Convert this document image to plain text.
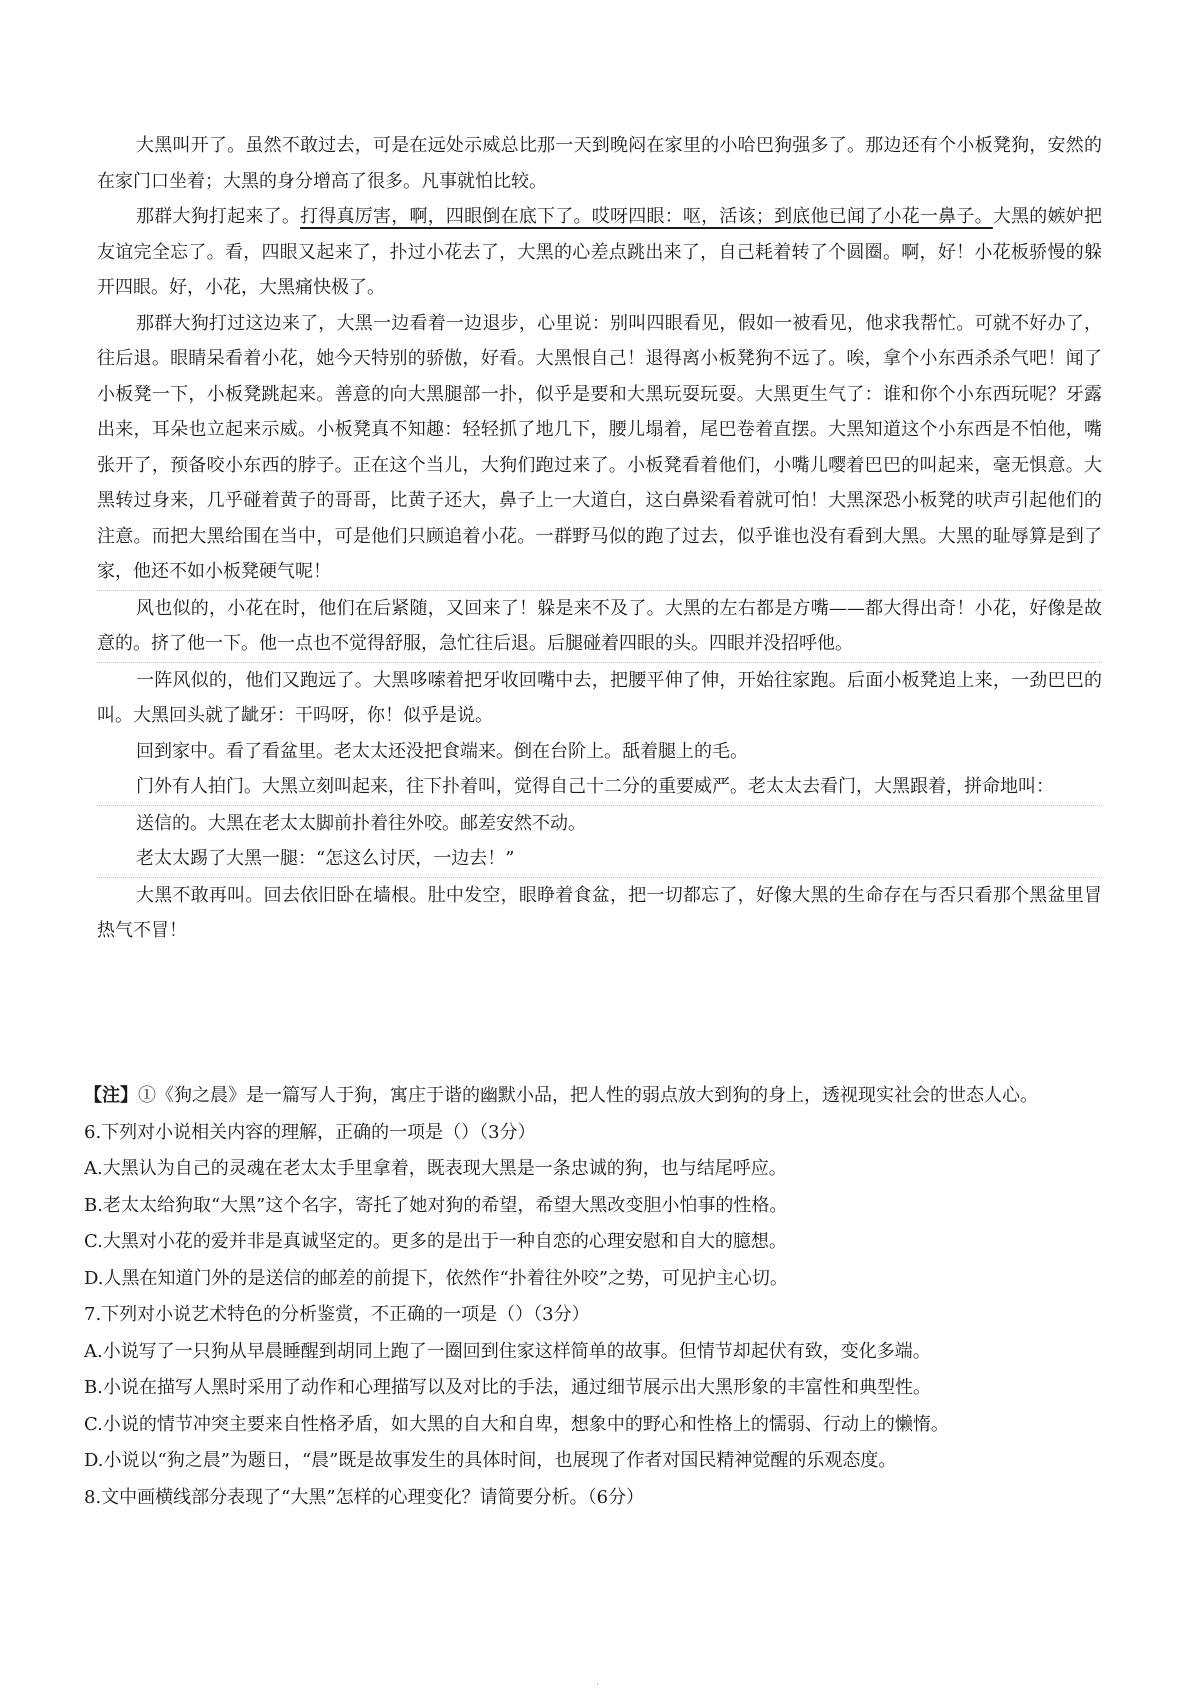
大黑叫开了。虽然不敢过去，可是在远处示威总比那一天到晚闷在家里的小哈巴狗强多了。那边还有个小板凳狗，安然的在家门口坐着；大黑的身分增高了很多。凡事就怕比较。

那群大狗打起来了。打得真厉害，啊，四眼倒在底下了。哎呀四眼：呕，活该；到底他已闻了小花一鼻子。大黑的嫉妒把友谊完全忘了。看，四眼又起来了，扑过小花去了，大黑的心差点跳出来了，自己耗着转了个圆圈。啊，好！小花板骄慢的躲开四眼。好，小花，大黑痛快极了。

那群大狗打过这边来了，大黑一边看着一边退步，心里说：别叫四眼看见，假如一被看见，他求我帮忙。可就不好办了，往后退。眼睛呆看着小花，她今天特别的骄傲，好看。大黑恨自己！退得离小板凳狗不远了。唉，拿个小东西杀杀气吧！闻了小板凳一下，小板凳跳起来。善意的向大黑腿部一扑，似乎是要和大黑玩耍玩耍。大黑更生气了：谁和你个小东西玩呢？牙露出来，耳朵也立起来示威。小板凳真不知趣：轻轻抓了地几下，腰儿塌着，尾巴卷着直摆。大黑知道这个小东西是不怕他，嘴张开了，预备咬小东西的脖子。正在这个当儿，大狗们跑过来了。小板凳看着他们，小嘴儿嘤着巴巴的叫起来，毫无惧意。大黑转过身来，几乎碰着黄子的哥哥，比黄子还大，鼻子上一大道白，这白鼻梁看着就可怕！大黑深恐小板凳的吠声引起他们的注意。而把大黑给围在当中，可是他们只顾追着小花。一群野马似的跑了过去，似乎谁也没有看到大黑。大黑的耻辱算是到了家，他还不如小板凳硬气呢！

风也似的，小花在时，他们在后紧随，又回来了！躲是来不及了。大黑的左右都是方嘴——都大得出奇！小花，好像是故意的。挤了他一下。他一点也不觉得舒服，急忙往后退。后腿碰着四眼的头。四眼并没招呼他。

一阵风似的，他们又跑远了。大黑哆嗦着把牙收回嘴中去，把腰平伸了伸，开始往家跑。后面小板凳追上来，一劲巴巴的叫。大黑回头就了龇牙：干吗呀，你！似乎是说。

回到家中。看了看盆里。老太太还没把食端来。倒在台阶上。舐着腿上的毛。

门外有人拍门。大黑立刻叫起来，往下扑着叫，觉得自己十二分的重要威严。老太太去看门，大黑跟着，拼命地叫：

送信的。大黑在老太太脚前扑着往外咬。邮差安然不动。

老太太踢了大黑一腿：“怎这么讨厌，一边去！”

大黑不敢再叫。回去依旧卧在墙根。肚中发空，眼睁着食盆，把一切都忘了，好像大黑的生命存在与否只看那个黑盆里冒热气不冒！

【注】①《狗之晨》是一篇写人于狗，寓庄于谐的幽默小品，把人性的弱点放大到狗的身上，透视现实社会的世态人心。

6.下列对小说相关内容的理解，正确的一项是（）（3分）

A.大黑认为自己的灵魂在老太太手里拿着，既表现大黑是一条忠诚的狗，也与结尾呼应。

B.老太太给狗取“大黑”这个名字，寄托了她对狗的希望，希望大黑改变胆小怕事的性格。

C.大黑对小花的爱并非是真诚坚定的。更多的是出于一种自恋的心理安慰和自大的臆想。

D.人黑在知道门外的是送信的邮差的前提下，依然作“扑着往外咬”之势，可见护主心切。

7.下列对小说艺术特色的分析鉴赏，不正确的一项是（）（3分）

A.小说写了一只狗从早晨睡醒到胡同上跑了一圈回到住家这样简单的故事。但情节却起伏有致，变化多端。

B.小说在描写人黑时采用了动作和心理描写以及对比的手法，通过细节展示出大黑形象的丰富性和典型性。

C.小说的情节冲突主要来自性格矛盾，如大黑的自大和自卑，想象中的野心和性格上的懦弱、行动上的懒惰。

D.小说以“狗之晨”为题日，“晨”既是故事发生的具体时间，也展现了作者对国民精神觉醒的乐观态度。

8.文中画横线部分表现了“大黑”怎样的心理变化？请简要分析。（6分）

·
